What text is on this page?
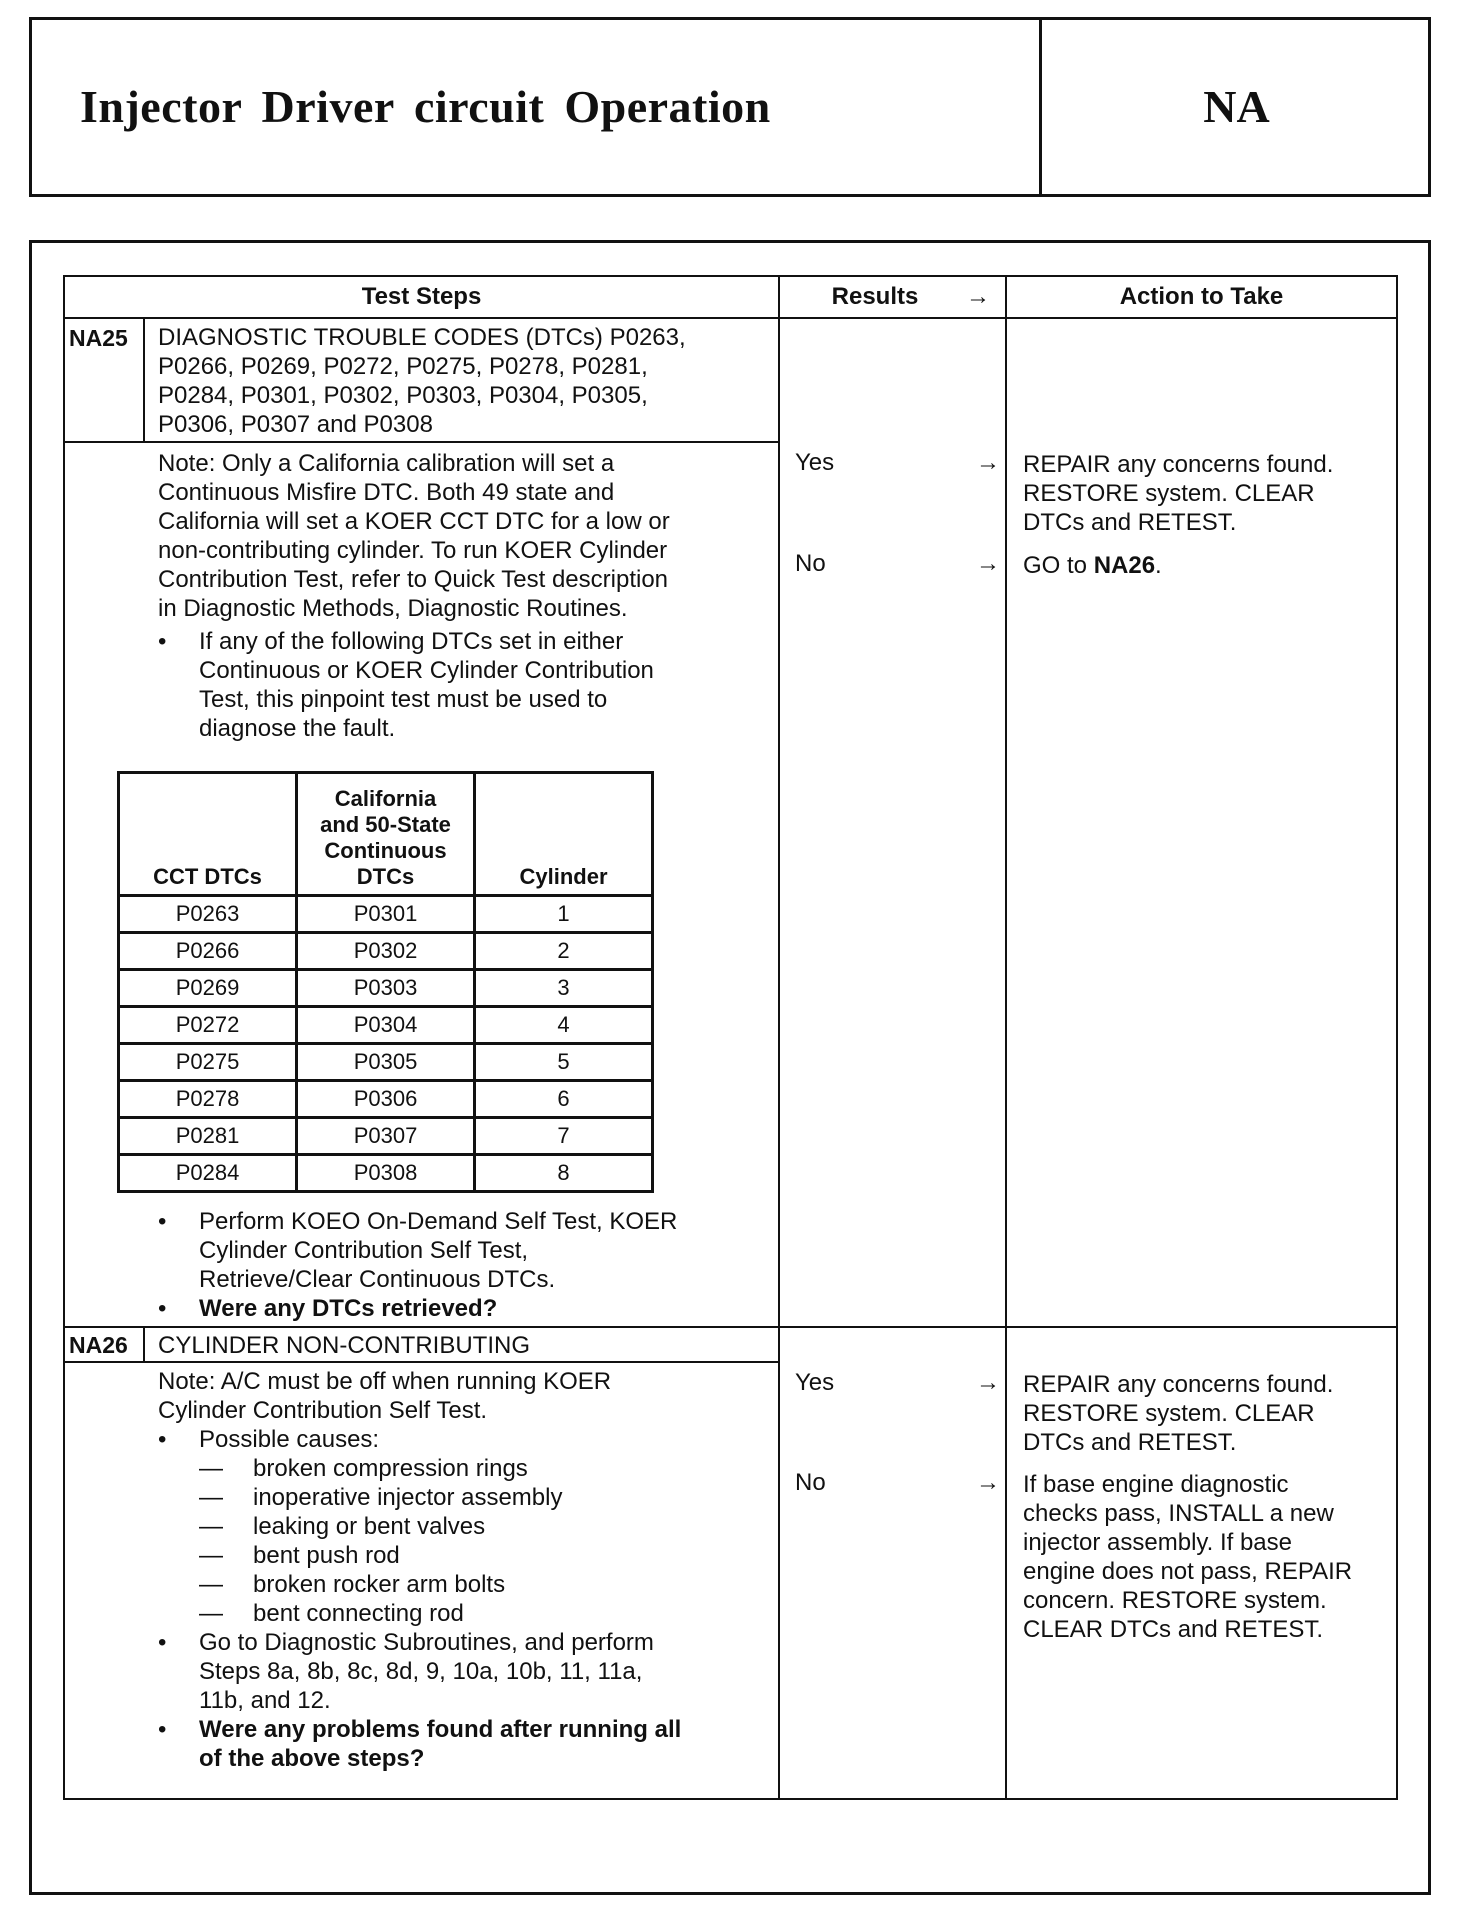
Injector Driver circuit Operation	NA
Test Steps	Results	→	Action to Take
NA25 DIAGNOSTIC TROUBLE CODES (DTCs) P0263,
P0266, P0269, P0272, P0275, P0278, P0281,
P0284, P0301, P0302, P0303, P0304, P0305,
P0306, P0307 and P0308
Note: Only a California calibration will set a
Continuous Misfire DTC. Both 49 state and
California will set a KOER CCT DTC for a low or
non-contributing cylinder. To run KOER Cylinder
Contribution Test, refer to Quick Test description
in Diagnostic Methods, Diagnostic Routines.
• If any of the following DTCs set in either
Continuous or KOER Cylinder Contribution
Test, this pinpoint test must be used to
diagnose the fault.
CCT DTCs	California
and 50-State
Continuous
DTCs	Cylinder

P0263	P0301	1
P0266	P0302	2
P0269	P0303	3
P0272	P0304	4
P0275	P0305	5
P0278	P0306	6
P0281	P0307	7
P0284	P0308	8
• Perform KOEO On-Demand Self Test, KOER
Cylinder Contribution Self Test,
Retrieve/Clear Continuous DTCs.
• Were any DTCs retrieved?
Yes	→ REPAIR any concerns found.
RESTORE system. CLEAR
DTCs and RETEST.
No	→ GO to NA26.
NA26 CYLINDER NON-CONTRIBUTING
Note: A/C must be off when running KOER
Cylinder Contribution Self Test.
• Possible causes:
— broken compression rings
— inoperative injector assembly
— leaking or bent valves
— bent push rod
— broken rocker arm bolts
— bent connecting rod
• Go to Diagnostic Subroutines, and perform
Steps 8a, 8b, 8c, 8d, 9, 10a, 10b, 11, 11a,
11b, and 12.
• Were any problems found after running all
of the above steps?
Yes	→ REPAIR any concerns found.
RESTORE system. CLEAR
DTCs and RETEST.
No	→ If base engine diagnostic
checks pass, INSTALL a new
injector assembly. If base
engine does not pass, REPAIR
concern. RESTORE system.
CLEAR DTCs and RETEST.
